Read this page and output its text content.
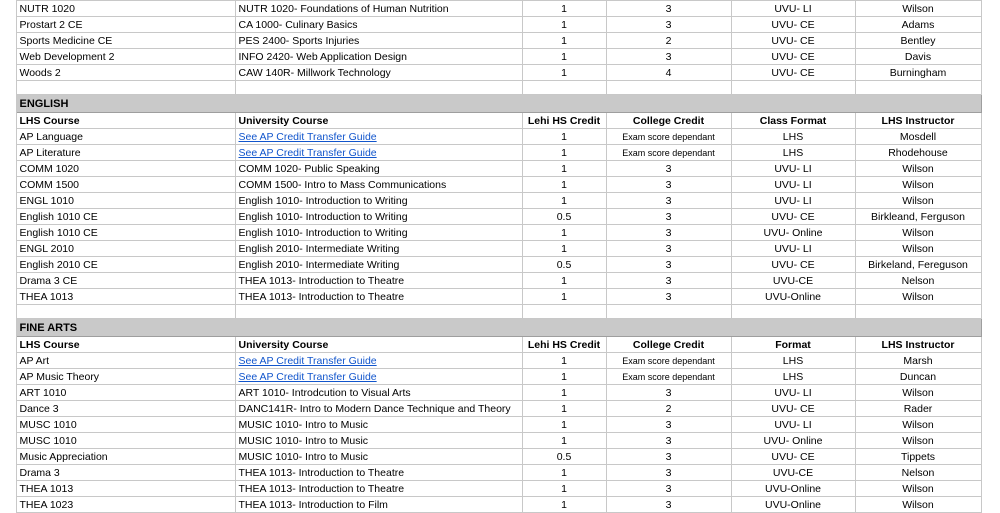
	NUTR 1020	NUTR 1020- Foundations of Human Nutrition	1	3	UVU- LI	Wilson	
	Prostart 2 CE	CA 1000- Culinary Basics	1	3	UVU- CE	Adams	
	Sports Medicine CE	PES 2400- Sports Injuries	1	2	UVU- CE	Bentley	
	Web Development 2	INFO 2420- Web Application Design	1	3	UVU- CE	Davis	
	Woods 2	CAW 140R- Millwork Technology	1	4	UVU- CE	Burningham	

	ENGLISH						
	LHS Course	University Course	Lehi HS Credit	College Credit	Class Format	LHS Instructor	
	AP Language	See AP Credit Transfer Guide	1	Exam score dependant	LHS	Mosdell	
	AP Literature	See AP Credit Transfer Guide	1	Exam score dependant	LHS	Rhodehouse	
	COMM 1020	COMM 1020- Public Speaking	1	3	UVU- LI	Wilson	
	COMM 1500	COMM 1500- Intro to Mass Communications	1	3	UVU- LI	Wilson	
	ENGL 1010	English 1010- Introduction to Writing	1	3	UVU- LI	Wilson	
	English 1010 CE	English 1010- Introduction to Writing	0.5	3	UVU- CE	Birkleand, Ferguson	
	English 1010 CE	English 1010- Introduction to Writing	1	3	UVU- Online	Wilson	
	ENGL 2010	English 2010- Intermediate Writing	1	3	UVU- LI	Wilson	
	English 2010 CE	English 2010- Intermediate Writing	0.5	3	UVU- CE	Birkeland, Fereguson	
	Drama 3 CE	THEA 1013- Introduction to Theatre	1	3	UVU-CE	Nelson	
	THEA 1013	THEA 1013- Introduction to Theatre	1	3	UVU-Online	Wilson	

	FINE ARTS						
	LHS Course	University Course	Lehi HS Credit	College Credit	Format	LHS Instructor	
	AP Art	See AP Credit Transfer Guide	1	Exam score dependant	LHS	Marsh	
	AP Music Theory	See AP Credit Transfer Guide	1	Exam score dependant	LHS	Duncan	
	ART 1010	ART 1010- Introdcution to Visual Arts	1	3	UVU- LI	Wilson	
	Dance 3	DANC141R- Intro to Modern Dance Technique and Theory	1	2	UVU- CE	Rader	
	MUSC 1010	MUSIC 1010- Intro to Music	1	3	UVU- LI	Wilson	
	MUSC 1010	MUSIC 1010- Intro to Music	1	3	UVU- Online	Wilson	
	Music Appreciation	MUSIC 1010- Intro to Music	0.5	3	UVU- CE	Tippets	
	Drama 3	THEA 1013- Introduction to Theatre	1	3	UVU-CE	Nelson	
	THEA 1013	THEA 1013- Introduction to Theatre	1	3	UVU-Online	Wilson	
	THEA 1023	THEA 1013- Introduction to Film	1	3	UVU-Online	Wilson	
